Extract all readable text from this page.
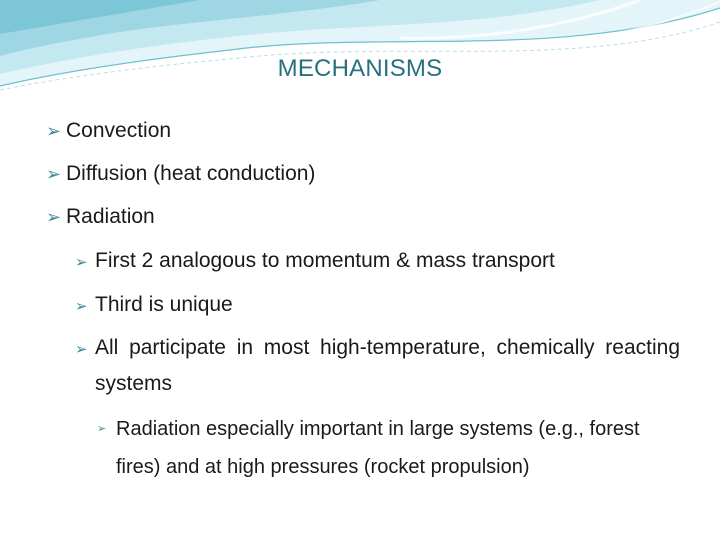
MECHANISMS
➢ Convection
➢ Diffusion (heat conduction)
➢ Radiation
➢ First 2 analogous to momentum & mass transport
➢ Third is unique
➢ All participate in most high-temperature, chemically reacting systems
➢ Radiation especially important in large systems (e.g., forest fires) and at high pressures (rocket propulsion)
